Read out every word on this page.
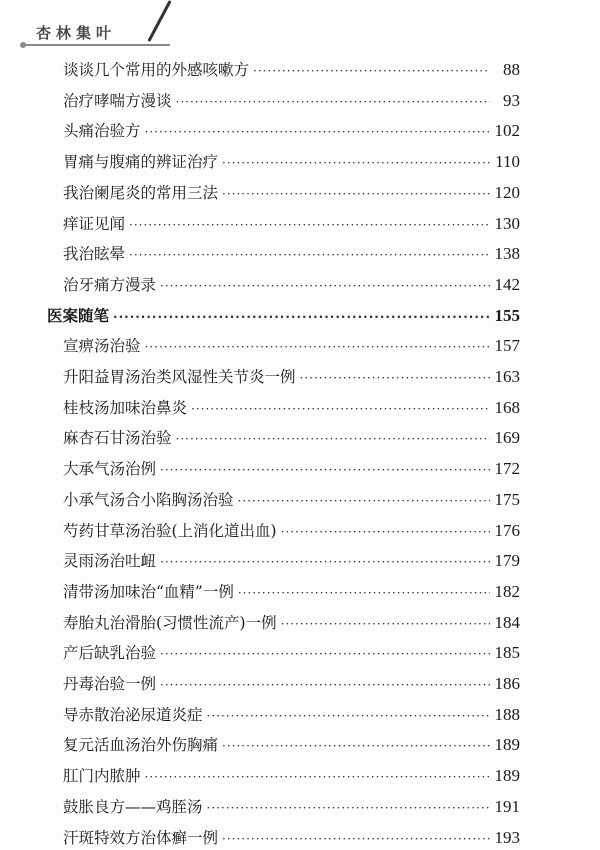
杏林集叶
谈谈几个常用的外感咳嗽方 ·····	88
治疗哮喘方漫谈 ·····	93
头痛治验方 ·····	102
胃痛与腹痛的辨证治疗 ·····	110
我治阑尾炎的常用三法 ·····	120
痒证见闻 ·····	130
我治眩晕 ·····	138
治牙痛方漫录 ·····	142
医案随笔 ·····	155
宣痹汤治验 ·····	157
升阳益胃汤治类风湿性关节炎一例 ·····	163
桂枝汤加味治鼻炎 ·····	168
麻杏石甘汤治验 ·····	169
大承气汤治例 ·····	172
小承气汤合小陷胸汤治验 ·····	175
芍药甘草汤治验(上消化道出血) ·····	176
灵雨汤治吐衄 ·····	179
清带汤加味治“血精”一例 ·····	182
寿胎丸治滑胎(习惯性流产)一例 ·····	184
产后缺乳治验 ·····	185
丹毒治验一例 ·····	186
导赤散治泌尿道炎症 ·····	188
复元活血汤治外伤胸痛 ·····	189
肛门内脓肿 ·····	189
鼓胀良方——鸡胵汤 ·····	191
汗斑特效方治体癣一例 ·····	193
